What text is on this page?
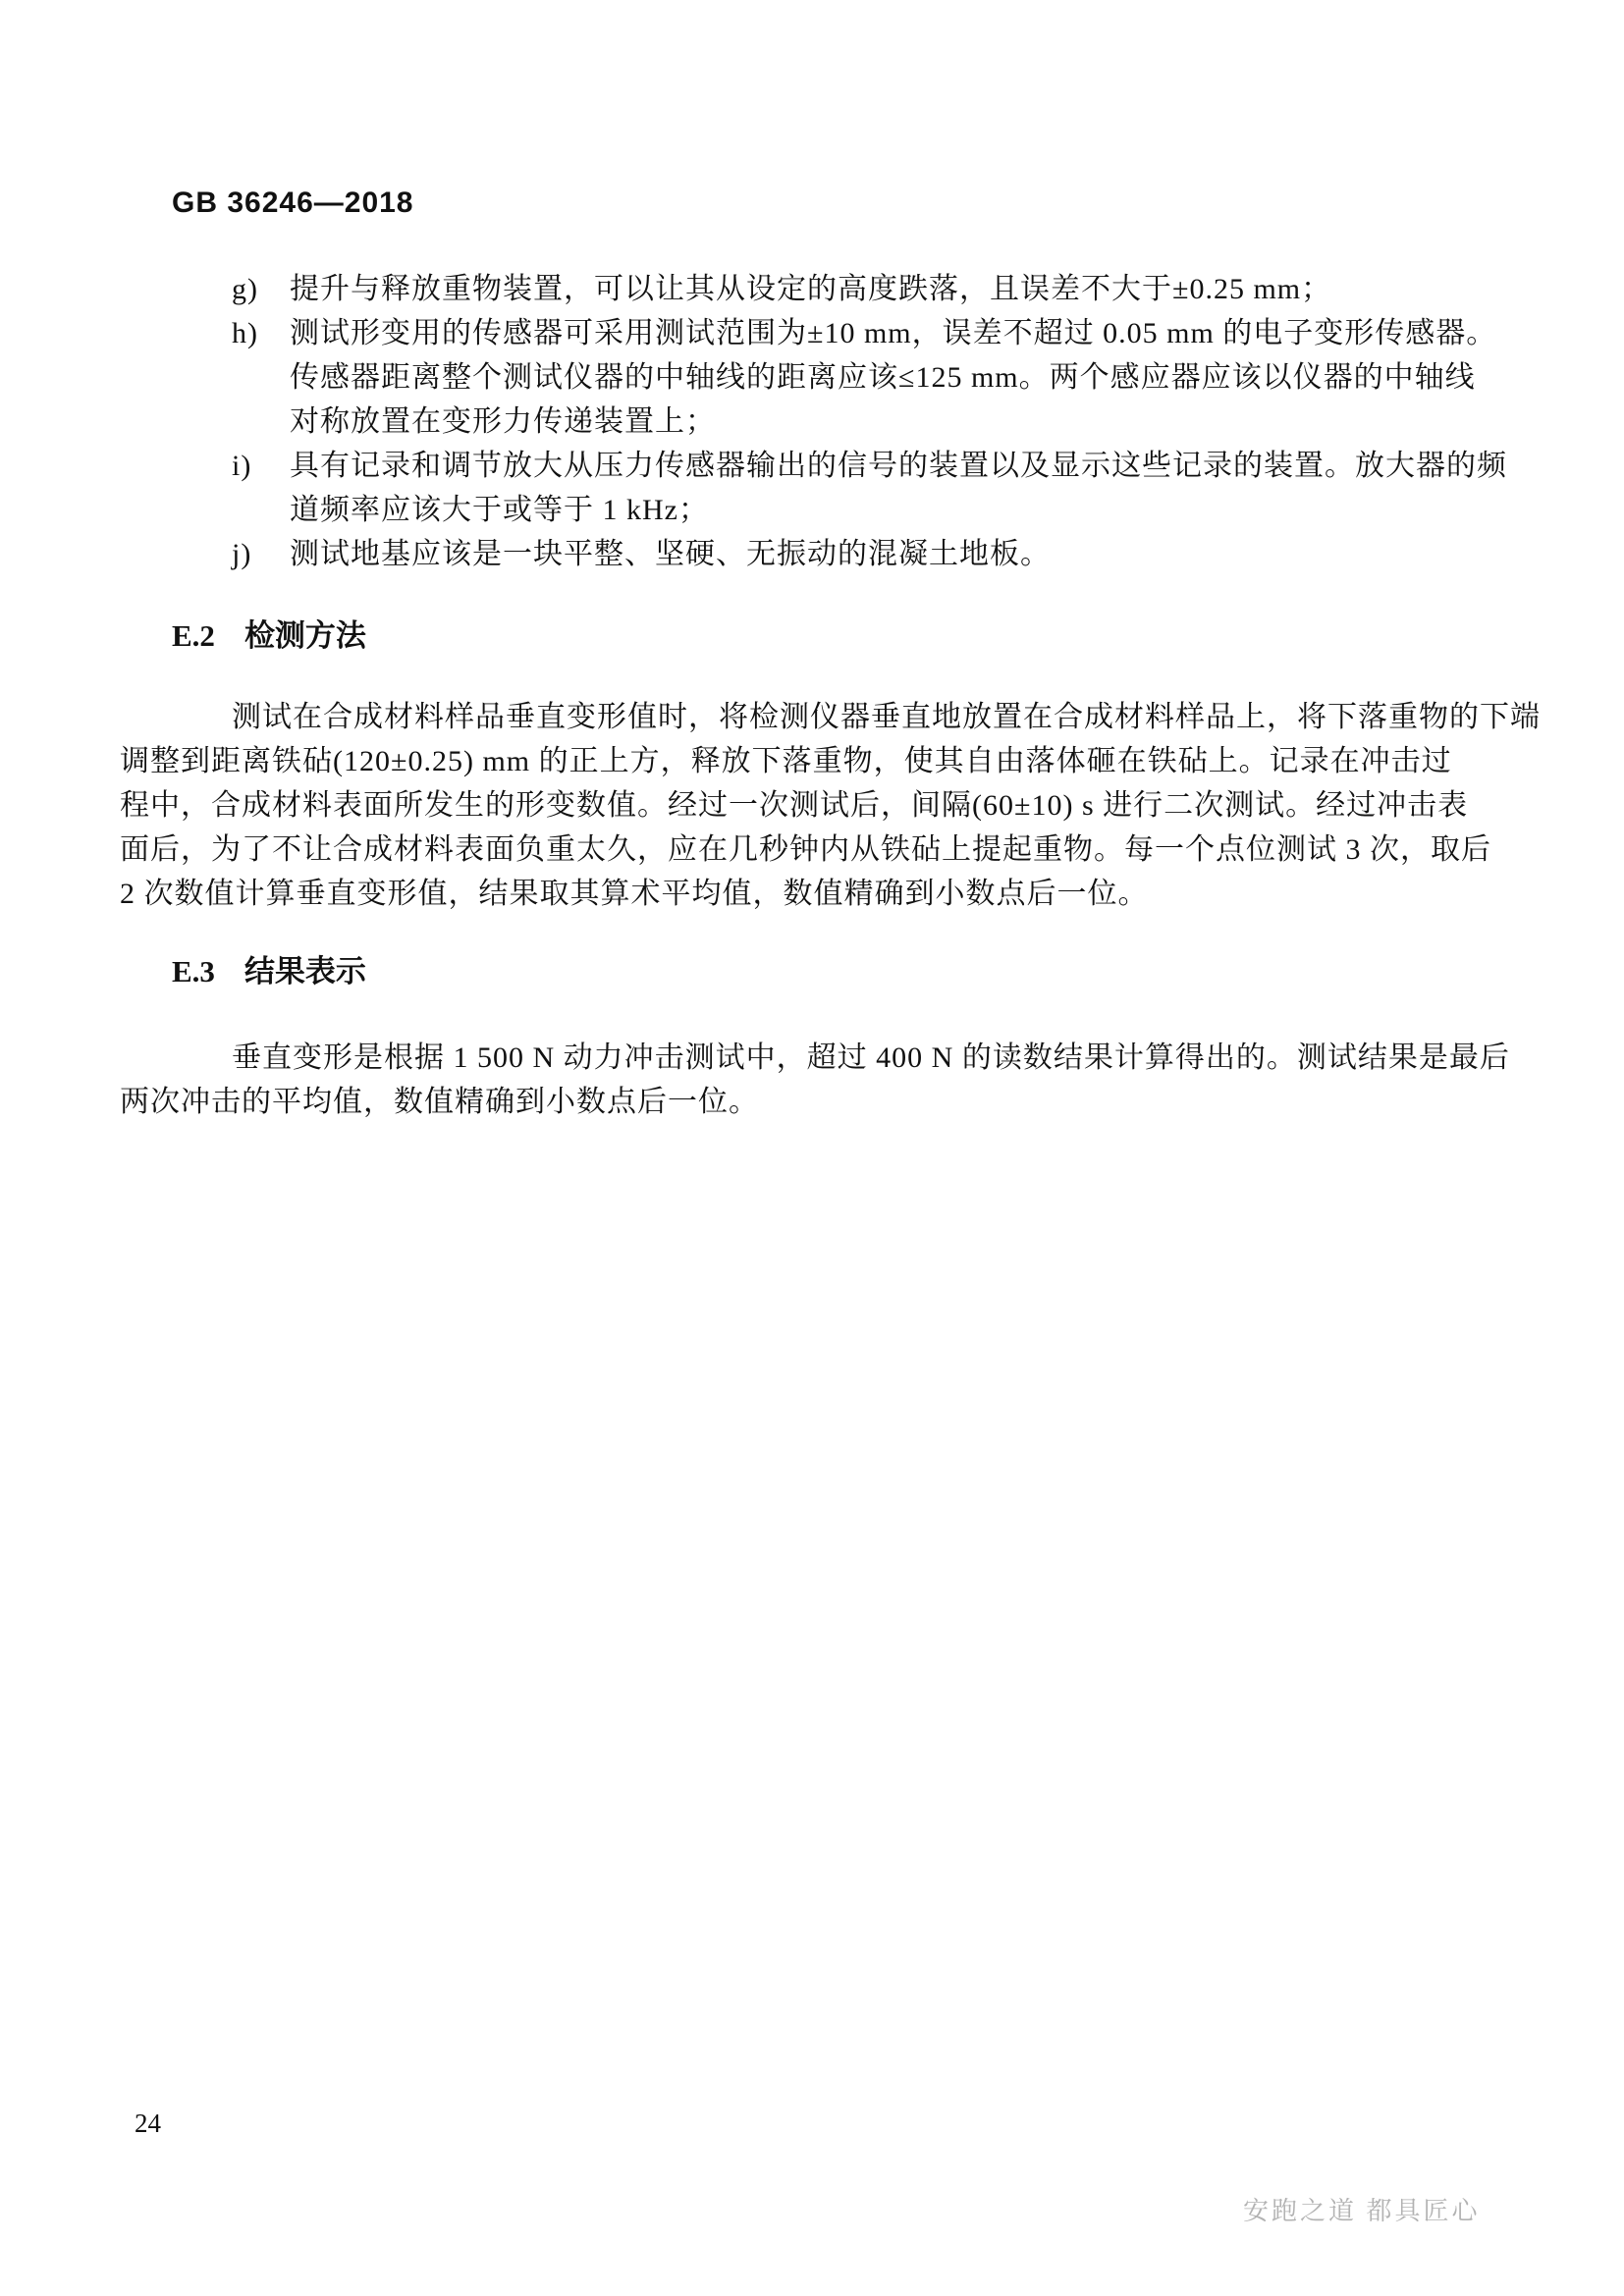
GB 36246—2018
g)	提升与释放重物装置，可以让其从设定的高度跌落，且误差不大于±0.25 mm；
h)	测试形变用的传感器可采用测试范围为±10 mm，误差不超过 0.05 mm 的电子变形传感器。
传感器距离整个测试仪器的中轴线的距离应该≤125 mm。两个感应器应该以仪器的中轴线
对称放置在变形力传递装置上；
i)	具有记录和调节放大从压力传感器输出的信号的装置以及显示这些记录的装置。放大器的频
道频率应该大于或等于 1 kHz；
j)	测试地基应该是一块平整、坚硬、无振动的混凝土地板。
E.2 检测方法
测试在合成材料样品垂直变形值时，将检测仪器垂直地放置在合成材料样品上，将下落重物的下端
调整到距离铁砧(120±0.25) mm 的正上方，释放下落重物，使其自由落体砸在铁砧上。记录在冲击过
程中，合成材料表面所发生的形变数值。经过一次测试后，间隔(60±10) s 进行二次测试。经过冲击表
面后，为了不让合成材料表面负重太久，应在几秒钟内从铁砧上提起重物。每一个点位测试 3 次，取后
2 次数值计算垂直变形值，结果取其算术平均值，数值精确到小数点后一位。
E.3 结果表示
垂直变形是根据 1 500 N 动力冲击测试中，超过 400 N 的读数结果计算得出的。测试结果是最后
两次冲击的平均值，数值精确到小数点后一位。
24
安跑之道 都具匠心
